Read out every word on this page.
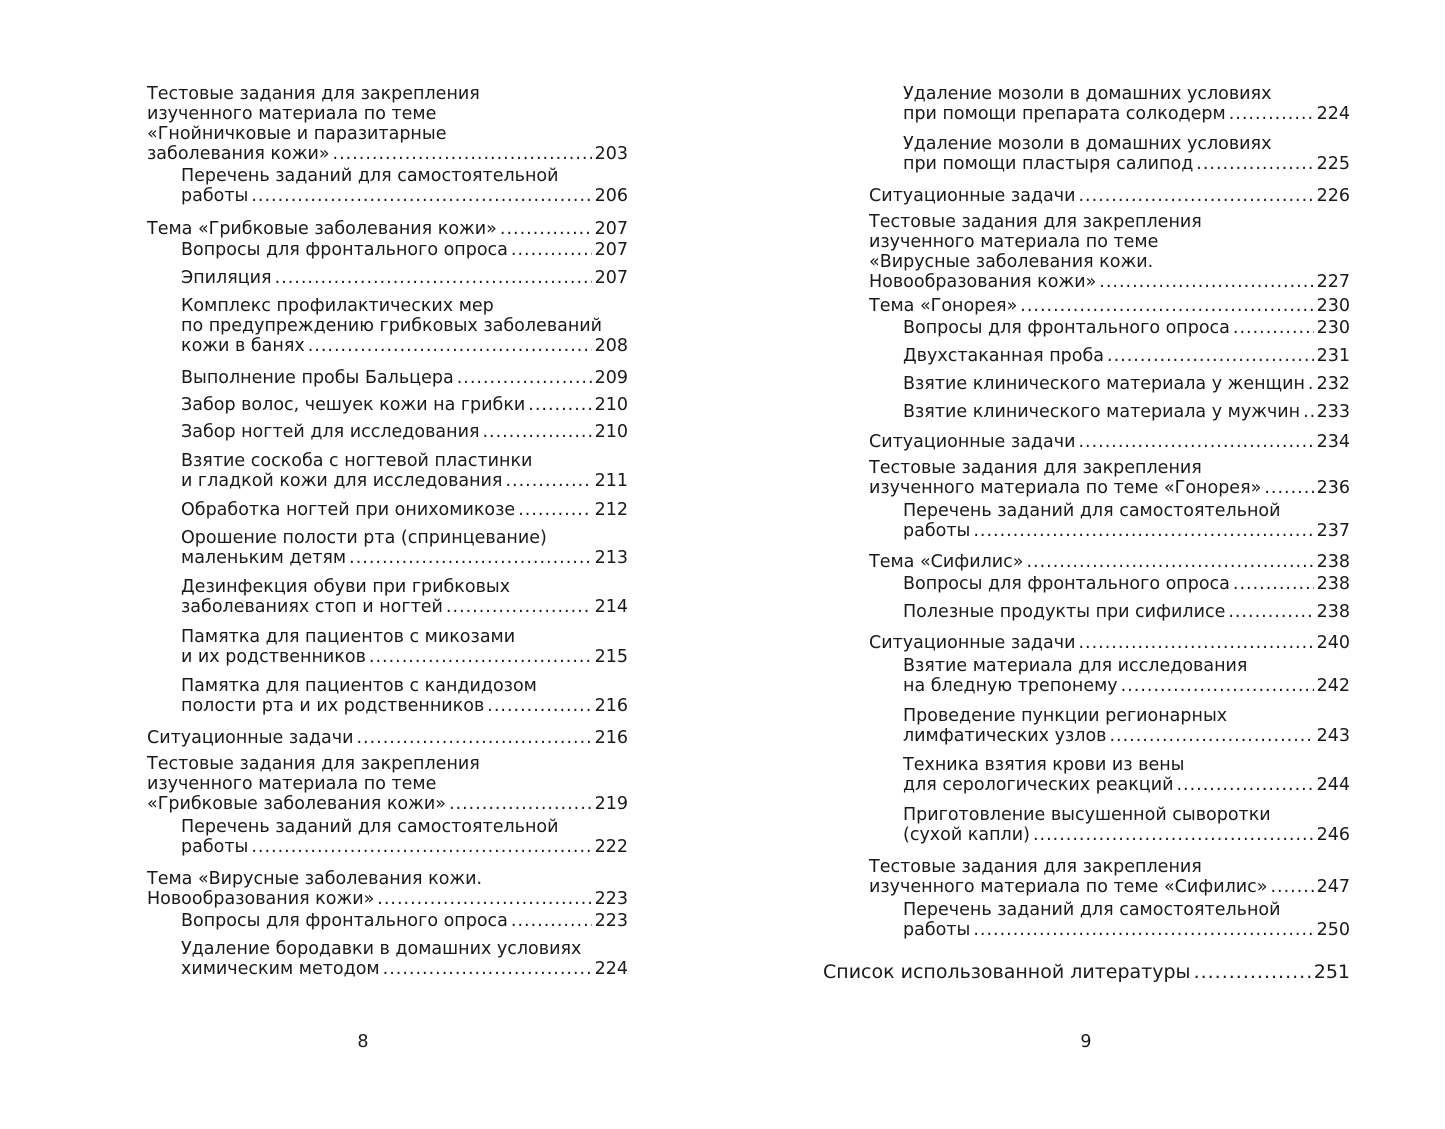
Тестовые задания для закрепления
изученного материала по теме
«Гнойничковые и паразитарные
заболевания кожи» .....	203
Перечень заданий для самостоятельной
работы .....	206
Тема «Грибковые заболевания кожи» .....	207
Вопросы для фронтального опроса .....	207
Эпиляция .....	207
Комплекс профилактических мер
по предупреждению грибковых заболеваний
кожи в банях .....	208
Выполнение пробы Бальцера .....	209
Забор волос, чешуек кожи на грибки .....	210
Забор ногтей для исследования .....	210
Взятие соскоба с ногтевой пластинки
и гладкой кожи для исследования .....	211
Обработка ногтей при онихомикозе .....	212
Орошение полости рта (спринцевание)
маленьким детям .....	213
Дезинфекция обуви при грибковых
заболеваниях стоп и ногтей .....	214
Памятка для пациентов с микозами
и их родственников .....	215
Памятка для пациентов с кандидозом
полости рта и их родственников .....	216
Ситуационные задачи .....	216
Тестовые задания для закрепления
изученного материала по теме
«Грибковые заболевания кожи» .....	219
Перечень заданий для самостоятельной
работы .....	222
Тема «Вирусные заболевания кожи.
Новообразования кожи» .....	223
Вопросы для фронтального опроса .....	223
Удаление бородавки в домашних условиях
химическим методом .....	224
8
Удаление мозоли в домашних условиях
при помощи препарата солкодерм .....	224
Удаление мозоли в домашних условиях
при помощи пластыря салипод .....	225
Ситуационные задачи .....	226
Тестовые задания для закрепления
изученного материала по теме
«Вирусные заболевания кожи.
Новообразования кожи» .....	227
Тема «Гонорея» .....	230
Вопросы для фронтального опроса .....	230
Двухстаканная проба .....	231
Взятие клинического материала у женщин ..... 232
Взятие клинического материала у мужчин ..... 233
Ситуационные задачи .....	234
Тестовые задания для закрепления
изученного материала по теме «Гонорея» .....	236
Перечень заданий для самостоятельной
работы .....	237
Тема «Сифилис» .....	238
Вопросы для фронтального опроса .....	238
Полезные продукты при сифилисе .....	238
Ситуационные задачи .....	240
Взятие материала для исследования
на бледную трепонему .....	242
Проведение пункции регионарных
лимфатических узлов .....	243
Техника взятия крови из вены
для серологических реакций .....	244
Приготовление высушенной сыворотки
(сухой капли) .....	246
Тестовые задания для закрепления
изученного материала по теме «Сифилис» .....	247
Перечень заданий для самостоятельной
работы .....	250
Список использованной литературы .....	251
9
